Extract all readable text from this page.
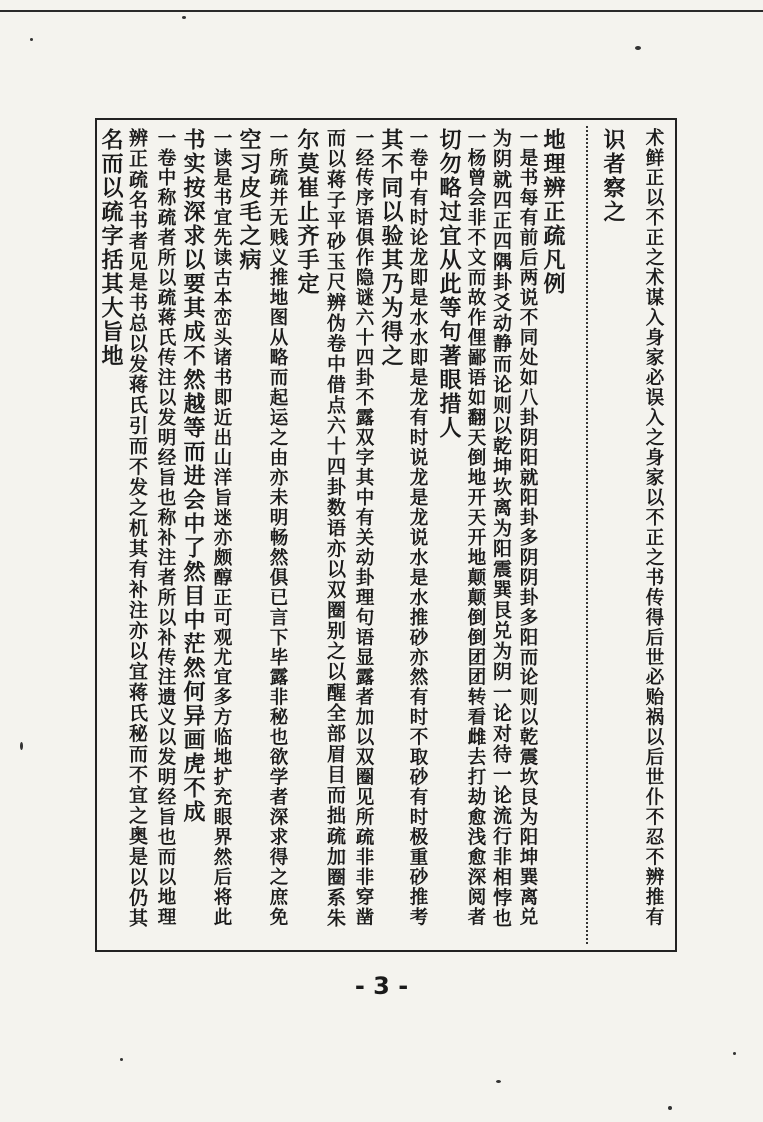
术鲜正以不正之术谋入身家必误入之身家以不正之书传得后世必贻祸以后世仆不忍不辨推有
识者察之
地理辨正疏凡例
一是书每有前后两说不同处如八卦阴阳就阳卦多阴阴卦多阳而论则以乾震坎艮为阳坤巽离兑
为阴就四正四隅卦爻动静而论则以乾坤坎离为阳震巽艮兑为阴一论对待一论流行非相悖也
一杨曾会非不文而故作俚鄙语如翻天倒地开天开地颠颠倒倒团团转看雌去打劫愈浅愈深阅者
切勿略过宜从此等句著眼措人
一卷中有时论龙即是水水即是龙有时说龙是龙说水是水推砂亦然有时不取砂有时极重砂推考
其不同以验其乃为得之
一经传序语俱作隐谜六十四卦不露双字其中有关动卦理句语显露者加以双圈见所疏非非穿凿
而以蒋子平砂玉尺辨伪卷中借点六十四卦数语亦以双圈别之以醒全部眉目而拙疏加圈系朱
尔莫崔止齐手定
一所疏并无贱义推地图从略而起运之由亦未明畅然俱已言下毕露非秘也欲学者深求得之庶免
空习皮毛之病
一读是书宜先读古本峦头诸书即近出山洋旨迷亦颇醇正可观尤宜多方临地扩充眼界然后将此
书实按深求以要其成不然越等而进会中了然目中茫然何异画虎不成
一卷中称疏者所以疏蒋氏传注以发明经旨也称补注者所以补传注遗义以发明经旨也而以地理
辨正疏名书者见是书总以发蒋氏引而不发之机其有补注亦以宜蒋氏秘而不宜之奥是以仍其
名而以疏字括其大旨地
- 3 -
